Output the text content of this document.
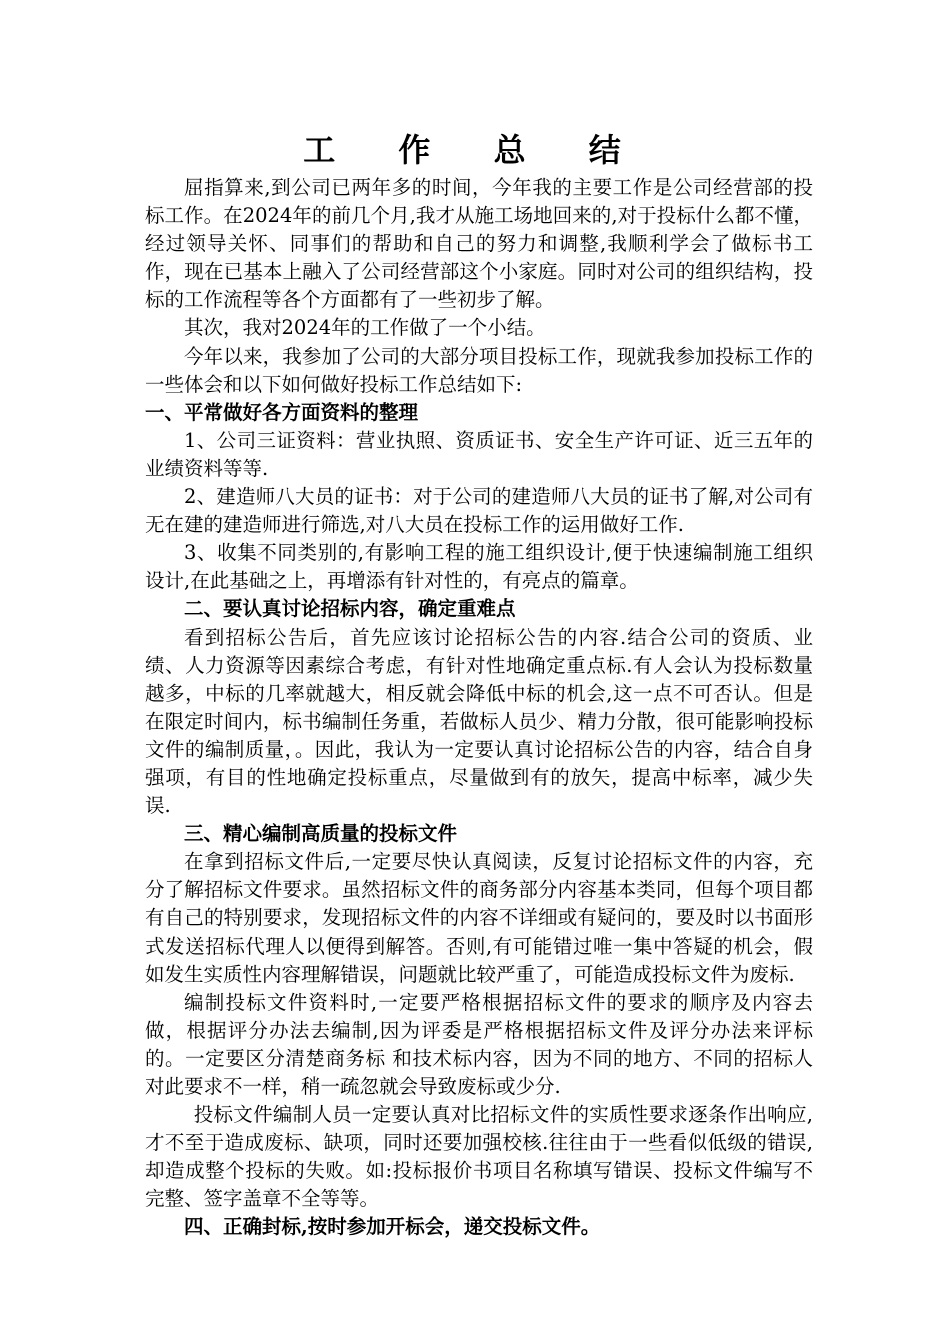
工 作 总 结

屈指算来,到公司已两年多的时间，今年我的主要工作是公司经营部的投标工作。在2024年的前几个月,我才从施工场地回来的,对于投标什么都不懂，经过领导关怀、同事们的帮助和自己的努力和调整,我顺利学会了做标书工作，现在已基本上融入了公司经营部这个小家庭。同时对公司的组织结构，投标的工作流程等各个方面都有了一些初步了解。

其次，我对2024年的工作做了一个小结。

今年以来，我参加了公司的大部分项目投标工作，现就我参加投标工作的一些体会和以下如何做好投标工作总结如下:

一、平常做好各方面资料的整理

1、公司三证资料：营业执照、资质证书、安全生产许可证、近三五年的业绩资料等等.

2、建造师八大员的证书：对于公司的建造师八大员的证书了解,对公司有无在建的建造师进行筛选,对八大员在投标工作的运用做好工作.

3、收集不同类别的,有影响工程的施工组织设计,便于快速编制施工组织设计,在此基础之上，再增添有针对性的，有亮点的篇章。

二、要认真讨论招标内容，确定重难点

看到招标公告后，首先应该讨论招标公告的内容.结合公司的资质、业绩、人力资源等因素综合考虑，有针对性地确定重点标.有人会认为投标数量越多，中标的几率就越大，相反就会降低中标的机会,这一点不可否认。但是在限定时间内，标书编制任务重，若做标人员少、精力分散，很可能影响投标文件的编制质量，。因此，我认为一定要认真讨论招标公告的内容，结合自身强项，有目的性地确定投标重点，尽量做到有的放矢，提高中标率，减少失误.

三、精心编制高质量的投标文件

在拿到招标文件后,一定要尽快认真阅读，反复讨论招标文件的内容，充分了解招标文件要求。虽然招标文件的商务部分内容基本类同，但每个项目都有自己的特别要求，发现招标文件的内容不详细或有疑问的，要及时以书面形式发送招标代理人以便得到解答。否则,有可能错过唯一集中答疑的机会，假如发生实质性内容理解错误，问题就比较严重了，可能造成投标文件为废标.

编制投标文件资料时,一定要严格根据招标文件的要求的顺序及内容去做，根据评分办法去编制,因为评委是严格根据招标文件及评分办法来评标的。一定要区分清楚商务标 和技术标内容，因为不同的地方、不同的招标人对此要求不一样，稍一疏忽就会导致废标或少分.

投标文件编制人员一定要认真对比招标文件的实质性要求逐条作出响应,才不至于造成废标、缺项，同时还要加强校核.往往由于一些看似低级的错误,却造成整个投标的失败。如:投标报价书项目名称填写错误、投标文件编写不完整、签字盖章不全等等。

四、正确封标,按时参加开标会，递交投标文件。
